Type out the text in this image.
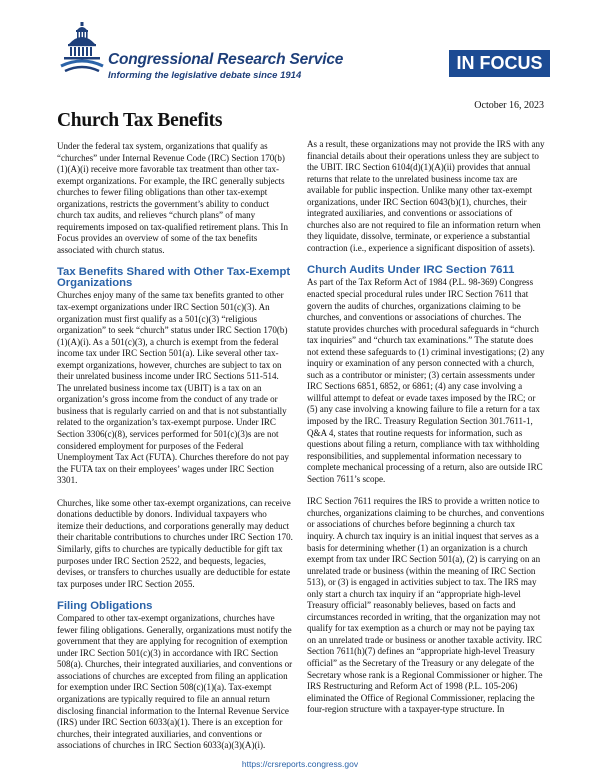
Congressional Research Service
Informing the legislative debate since 1914
IN FOCUS
October 16, 2023
Church Tax Benefits

Under the federal tax system, organizations that qualify as “churches” under Internal Revenue Code (IRC) Section 170(b)(1)(A)(i) receive more favorable tax treatment than other tax-exempt organizations. For example, the IRC generally subjects churches to fewer filing obligations than other tax-exempt organizations, restricts the government’s ability to conduct church tax audits, and relieves “church plans” of many requirements imposed on tax-qualified retirement plans. This In Focus provides an overview of some of the tax benefits associated with church status.

Tax Benefits Shared with Other Tax-Exempt Organizations

Churches enjoy many of the same tax benefits granted to other tax-exempt organizations under IRC Section 501(c)(3). An organization must first qualify as a 501(c)(3) “religious organization” to seek “church” status under IRC Section 170(b)(1)(A)(i). As a 501(c)(3), a church is exempt from the federal income tax under IRC Section 501(a). Like several other tax-exempt organizations, however, churches are subject to tax on their unrelated business income under IRC Sections 511-514. The unrelated business income tax (UBIT) is a tax on an organization’s gross income from the conduct of any trade or business that is regularly carried on and that is not substantially related to the organization’s tax-exempt purpose. Under IRC Section 3306(c)(8), services performed for 501(c)(3)s are not considered employment for purposes of the Federal Unemployment Tax Act (FUTA). Churches therefore do not pay the FUTA tax on their employees’ wages under IRC Section 3301.

Churches, like some other tax-exempt organizations, can receive donations deductible by donors. Individual taxpayers who itemize their deductions, and corporations generally may deduct their charitable contributions to churches under IRC Section 170. Similarly, gifts to churches are typically deductible for gift tax purposes under IRC Section 2522, and bequests, legacies, devises, or transfers to churches usually are deductible for estate tax purposes under IRC Section 2055.

Filing Obligations

Compared to other tax-exempt organizations, churches have fewer filing obligations. Generally, organizations must notify the government that they are applying for recognition of exemption under IRC Section 501(c)(3) in accordance with IRC Section 508(a). Churches, their integrated auxiliaries, and conventions or associations of churches are excepted from filing an application for exemption under IRC Section 508(c)(1)(a). Tax-exempt organizations are typically required to file an annual return disclosing financial information to the Internal Revenue Service (IRS) under IRC Section 6033(a)(1). There is an exception for churches, their integrated auxiliaries, and conventions or associations of churches in IRC Section 6033(a)(3)(A)(i).

As a result, these organizations may not provide the IRS with any financial details about their operations unless they are subject to the UBIT. IRC Section 6104(d)(1)(A)(ii) provides that annual returns that relate to the unrelated business income tax are available for public inspection. Unlike many other tax-exempt organizations, under IRC Section 6043(b)(1), churches, their integrated auxiliaries, and conventions or associations of churches also are not required to file an information return when they liquidate, dissolve, terminate, or experience a substantial contraction (i.e., experience a significant disposition of assets).

Church Audits Under IRC Section 7611

As part of the Tax Reform Act of 1984 (P.L. 98-369) Congress enacted special procedural rules under IRC Section 7611 that govern the audits of churches, organizations claiming to be churches, and conventions or associations of churches. The statute provides churches with procedural safeguards in “church tax inquiries” and “church tax examinations.” The statute does not extend these safeguards to (1) criminal investigations; (2) any inquiry or examination of any person connected with a church, such as a contributor or minister; (3) certain assessments under IRC Sections 6851, 6852, or 6861; (4) any case involving a willful attempt to defeat or evade taxes imposed by the IRC; or (5) any case involving a knowing failure to file a return for a tax imposed by the IRC. Treasury Regulation Section 301.7611-1, Q&A 4, states that routine requests for information, such as questions about filing a return, compliance with tax withholding responsibilities, and supplemental information necessary to complete mechanical processing of a return, also are outside IRC Section 7611’s scope.

IRC Section 7611 requires the IRS to provide a written notice to churches, organizations claiming to be churches, and conventions or associations of churches before beginning a church tax inquiry. A church tax inquiry is an initial inquest that serves as a basis for determining whether (1) an organization is a church exempt from tax under IRC Section 501(a), (2) is carrying on an unrelated trade or business (within the meaning of IRC Section 513), or (3) is engaged in activities subject to tax. The IRS may only start a church tax inquiry if an “appropriate high-level Treasury official” reasonably believes, based on facts and circumstances recorded in writing, that the organization may not qualify for tax exemption as a church or may not be paying tax on an unrelated trade or business or another taxable activity. IRC Section 7611(h)(7) defines an “appropriate high-level Treasury official” as the Secretary of the Treasury or any delegate of the Secretary whose rank is a Regional Commissioner or higher. The IRS Restructuring and Reform Act of 1998 (P.L. 105-206) eliminated the Office of Regional Commissioner, replacing the four-region structure with a taxpayer-type structure. In

https://crsreports.congress.gov
